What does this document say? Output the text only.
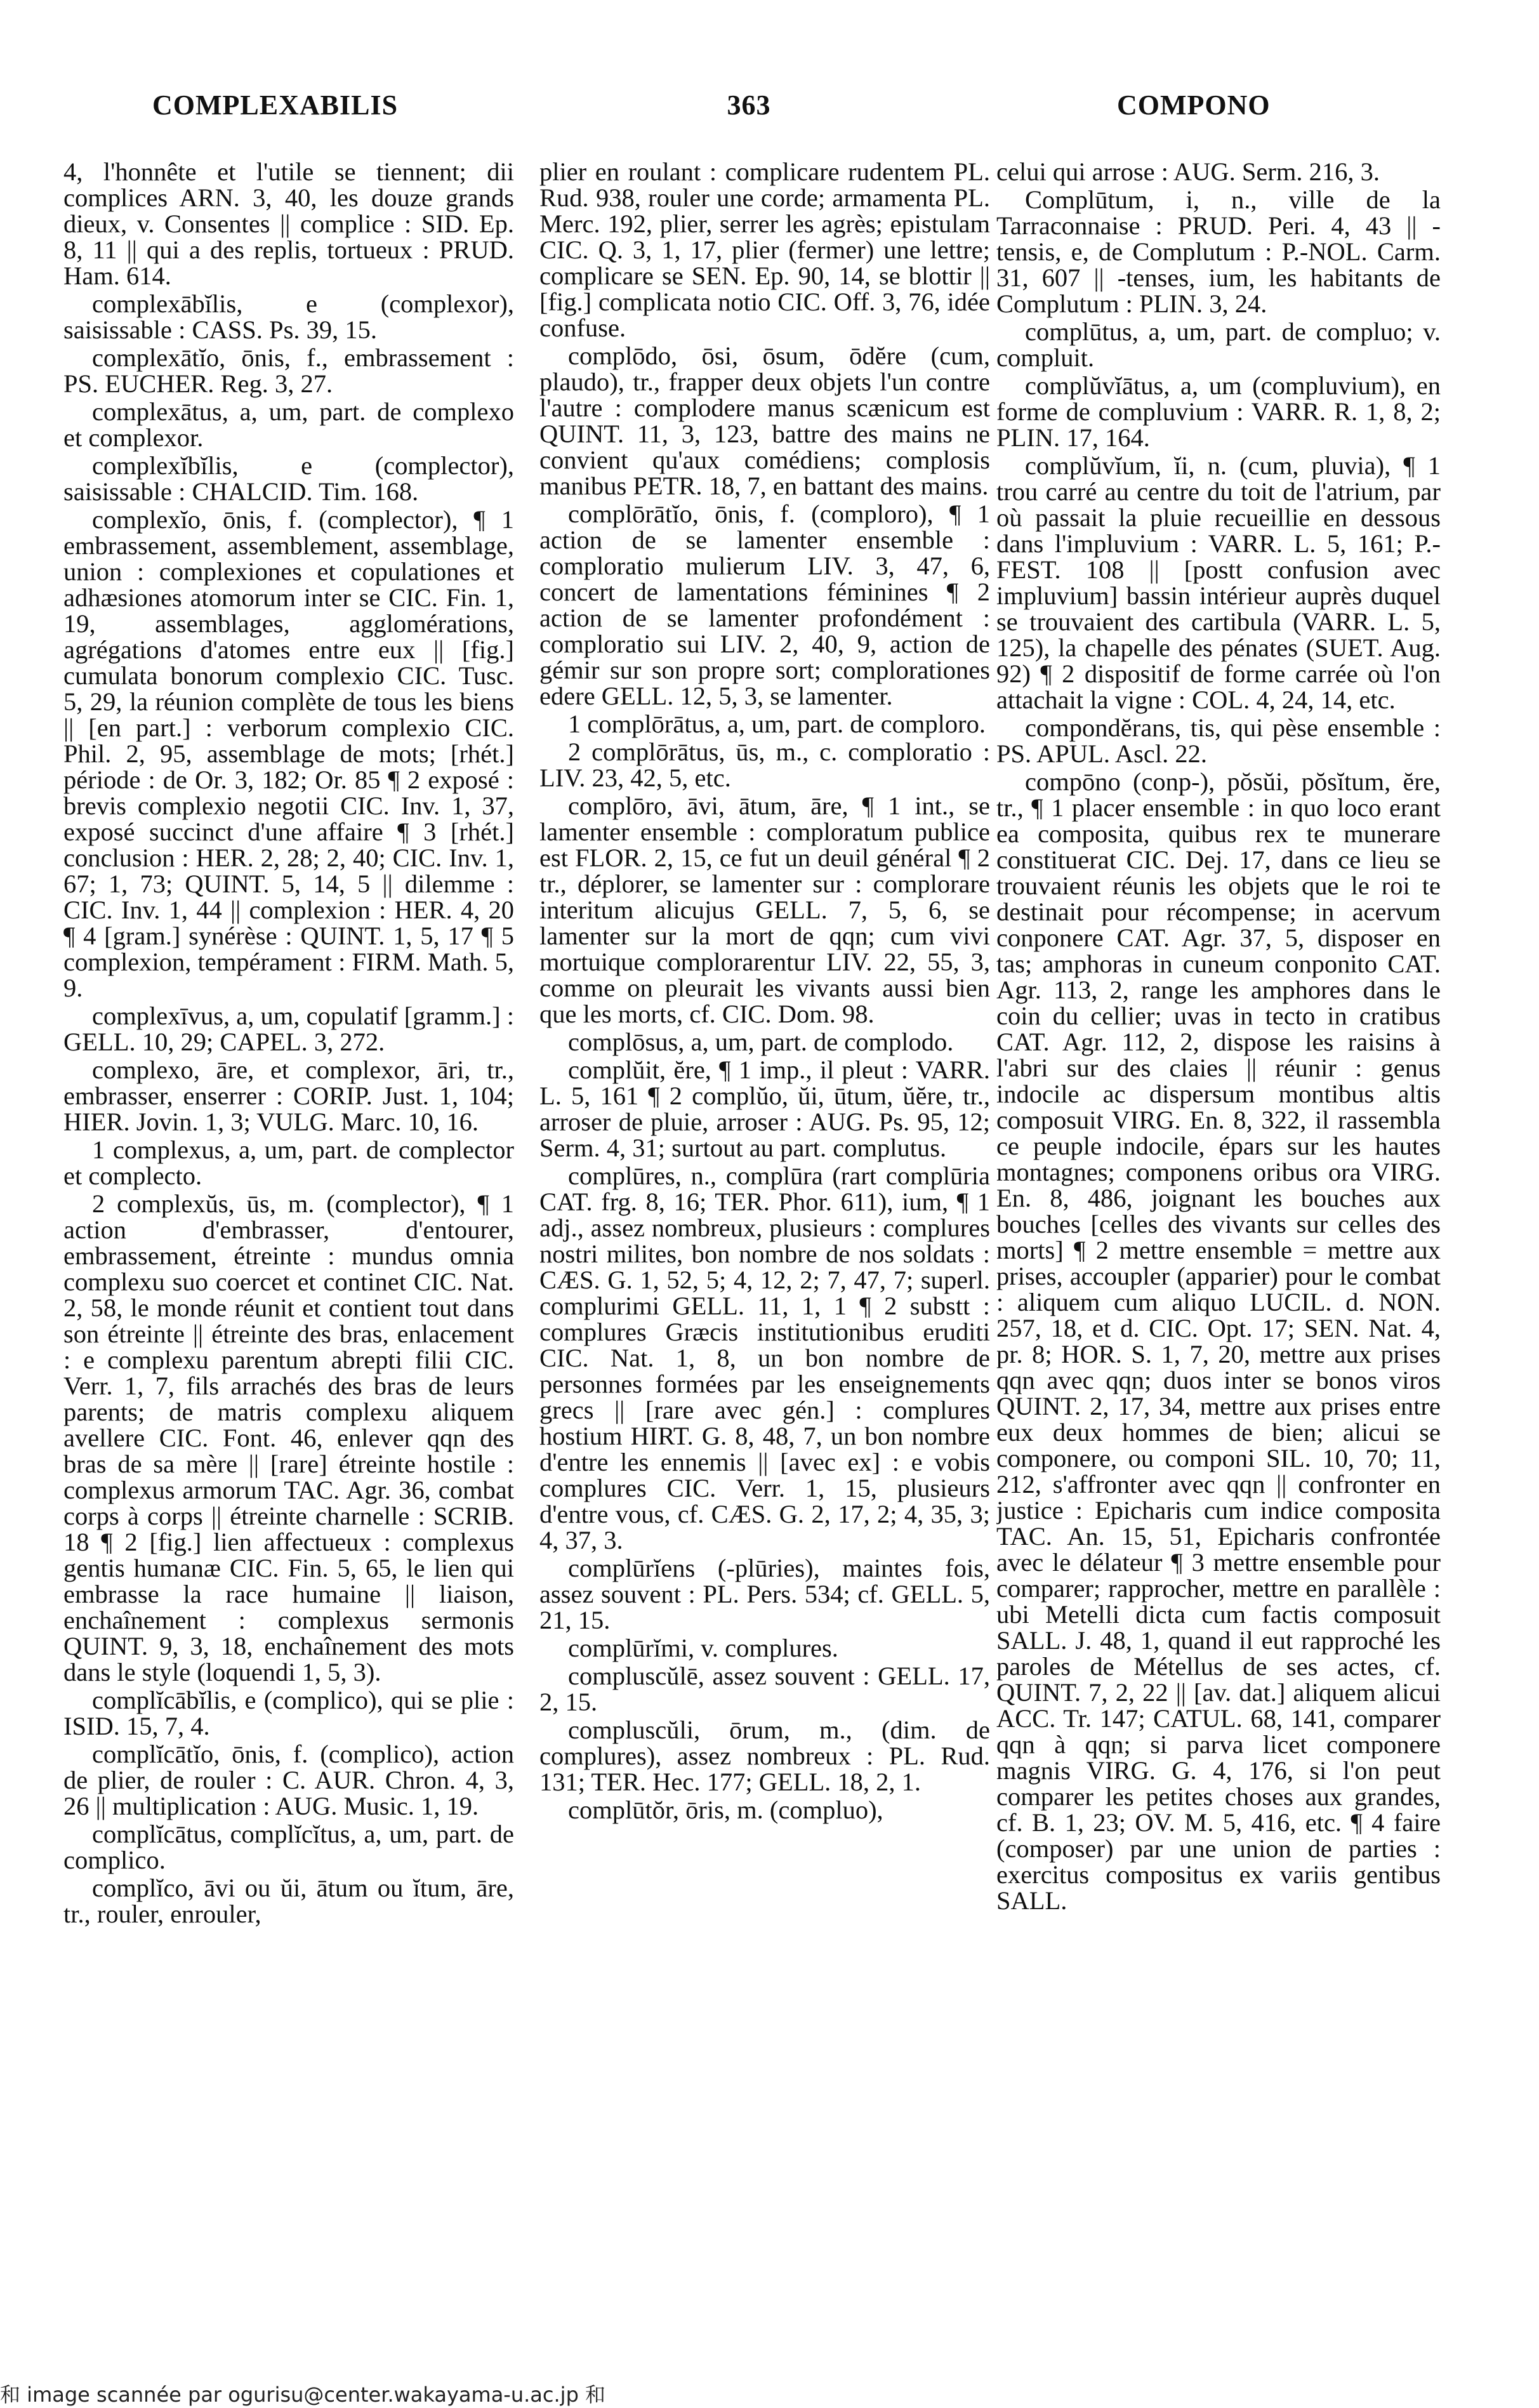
COMPLEXABILIS	363	COMPONO

4, l'honnête et l'utile se tiennent; dii complices ARN. 3, 40, les douze grands dieux, v. Consentes || complice : SID. Ep. 8, 11 || qui a des replis, tortueux : PRUD. Ham. 614.

complexābĭlis, e (complexor), saisissable : CASS. Ps. 39, 15.

complexātĭo, ōnis, f., embrassement : PS. EUCHER. Reg. 3, 27.

complexātus, a, um, part. de complexo et complexor.

complexĭbĭlis, e (complector), saisissable : CHALCID. Tim. 168.

complexĭo, ōnis, f. (complector), ¶ 1 embrassement, assemblement, assemblage, union : complexiones et copulationes et adhæsiones atomorum inter se CIC. Fin. 1, 19, assemblages, agglomérations, agrégations d'atomes entre eux || [fig.] cumulata bonorum complexio CIC. Tusc. 5, 29, la réunion complète de tous les biens || [en part.] : verborum complexio CIC. Phil. 2, 95, assemblage de mots; [rhét.] période : de Or. 3, 182; Or. 85 ¶ 2 exposé : brevis complexio negotii CIC. Inv. 1, 37, exposé succinct d'une affaire ¶ 3 [rhét.] conclusion : HER. 2, 28; 2, 40; CIC. Inv. 1, 67; 1, 73; QUINT. 5, 14, 5 || dilemme : CIC. Inv. 1, 44 || complexion : HER. 4, 20 ¶ 4 [gram.] synérèse : QUINT. 1, 5, 17 ¶ 5 complexion, tempérament : FIRM. Math. 5, 9.

complexīvus, a, um, copulatif [gramm.] : GELL. 10, 29; CAPEL. 3, 272.

complexo, āre, et complexor, āri, tr., embrasser, enserrer : CORIP. Just. 1, 104; HIER. Jovin. 1, 3; VULG. Marc. 10, 16.

1 complexus, a, um, part. de complector et complecto.

2 complexŭs, ūs, m. (complector), ¶ 1 action d'embrasser, d'entourer, embrassement, étreinte : mundus omnia complexu suo coercet et continet CIC. Nat. 2, 58, le monde réunit et contient tout dans son étreinte || étreinte des bras, enlacement : e complexu parentum abrepti filii CIC. Verr. 1, 7, fils arrachés des bras de leurs parents; de matris complexu aliquem avellere CIC. Font. 46, enlever qqn des bras de sa mère || [rare] étreinte hostile : complexus armorum TAC. Agr. 36, combat corps à corps || étreinte charnelle : SCRIB. 18 ¶ 2 [fig.] lien affectueux : complexus gentis humanæ CIC. Fin. 5, 65, le lien qui embrasse la race humaine || liaison, enchaînement : complexus sermonis QUINT. 9, 3, 18, enchaînement des mots dans le style (loquendi 1, 5, 3).

complĭcābĭlis, e (complico), qui se plie : ISID. 15, 7, 4.

complĭcātĭo, ōnis, f. (complico), action de plier, de rouler : C. AUR. Chron. 4, 3, 26 || multiplication : AUG. Music. 1, 19.

complĭcātus, complĭcĭtus, a, um, part. de complico.

complĭco, āvi ou ŭi, ātum ou ĭtum, āre, tr., rouler, enrouler,

plier en roulant : complicare rudentem PL. Rud. 938, rouler une corde; armamenta PL. Merc. 192, plier, serrer les agrès; epistulam CIC. Q. 3, 1, 17, plier (fermer) une lettre; complicare se SEN. Ep. 90, 14, se blottir || [fig.] complicata notio CIC. Off. 3, 76, idée confuse.

complōdo, ōsi, ōsum, ōdĕre (cum, plaudo), tr., frapper deux objets l'un contre l'autre : complodere manus scænicum est QUINT. 11, 3, 123, battre des mains ne convient qu'aux comédiens; complosis manibus PETR. 18, 7, en battant des mains.

complōrātĭo, ōnis, f. (comploro), ¶ 1 action de se lamenter ensemble : comploratio mulierum LIV. 3, 47, 6, concert de lamentations féminines ¶ 2 action de se lamenter profondément : comploratio sui LIV. 2, 40, 9, action de gémir sur son propre sort; complorationes edere GELL. 12, 5, 3, se lamenter.

1 complōrātus, a, um, part. de comploro.

2 complōrātus, ūs, m., c. comploratio : LIV. 23, 42, 5, etc.

complōro, āvi, ātum, āre, ¶ 1 int., se lamenter ensemble : comploratum publice est FLOR. 2, 15, ce fut un deuil général ¶ 2 tr., déplorer, se lamenter sur : complorare interitum alicujus GELL. 7, 5, 6, se lamenter sur la mort de qqn; cum vivi mortuique complorarentur LIV. 22, 55, 3, comme on pleurait les vivants aussi bien que les morts, cf. CIC. Dom. 98.

complōsus, a, um, part. de complodo.

complŭit, ĕre, ¶ 1 imp., il pleut : VARR. L. 5, 161 ¶ 2 complŭo, ŭi, ūtum, ŭĕre, tr., arroser de pluie, arroser : AUG. Ps. 95, 12; Serm. 4, 31; surtout au part. complutus.

complūres, n., complūra (rart complūria CAT. frg. 8, 16; TER. Phor. 611), ium, ¶ 1 adj., assez nombreux, plusieurs : complures nostri milites, bon nombre de nos soldats : CÆS. G. 1, 52, 5; 4, 12, 2; 7, 47, 7; superl. complurimi GELL. 11, 1, 1 ¶ 2 substt : complures Græcis institutionibus eruditi CIC. Nat. 1, 8, un bon nombre de personnes formées par les enseignements grecs || [rare avec gén.] : complures hostium HIRT. G. 8, 48, 7, un bon nombre d'entre les ennemis || [avec ex] : e vobis complures CIC. Verr. 1, 15, plusieurs d'entre vous, cf. CÆS. G. 2, 17, 2; 4, 35, 3; 4, 37, 3.

complūrĭens (-plūries), maintes fois, assez souvent : PL. Pers. 534; cf. GELL. 5, 21, 15.

complūrĭmi, v. complures.

compluscŭlē, assez souvent : GELL. 17, 2, 15.

compluscŭli, ōrum, m., (dim. de complures), assez nombreux : PL. Rud. 131; TER. Hec. 177; GELL. 18, 2, 1.

complūtŏr, ōris, m. (compluo),

celui qui arrose : AUG. Serm. 216, 3.

Complūtum, i, n., ville de la Tarraconnaise : PRUD. Peri. 4, 43 || -tensis, e, de Complutum : P.-NOL. Carm. 31, 607 || -tenses, ium, les habitants de Complutum : PLIN. 3, 24.

complūtus, a, um, part. de compluo; v. compluit.

complŭvĭātus, a, um (compluvium), en forme de compluvium : VARR. R. 1, 8, 2; PLIN. 17, 164.

complŭvĭum, ĭi, n. (cum, pluvia), ¶ 1 trou carré au centre du toit de l'atrium, par où passait la pluie recueillie en dessous dans l'impluvium : VARR. L. 5, 161; P.-FEST. 108 || [postt confusion avec impluvium] bassin intérieur auprès duquel se trouvaient des cartibula (VARR. L. 5, 125), la chapelle des pénates (SUET. Aug. 92) ¶ 2 dispositif de forme carrée où l'on attachait la vigne : COL. 4, 24, 14, etc.

compondĕrans, tis, qui pèse ensemble : PS. APUL. Ascl. 22.

compōno (conp-), pŏsŭi, pŏsĭtum, ĕre, tr., ¶ 1 placer ensemble : in quo loco erant ea composita, quibus rex te munerare constituerat CIC. Dej. 17, dans ce lieu se trouvaient réunis les objets que le roi te destinait pour récompense; in acervum conponere CAT. Agr. 37, 5, disposer en tas; amphoras in cuneum conponito CAT. Agr. 113, 2, range les amphores dans le coin du cellier; uvas in tecto in cratibus CAT. Agr. 112, 2, dispose les raisins à l'abri sur des claies || réunir : genus indocile ac dispersum montibus altis composuit VIRG. En. 8, 322, il rassembla ce peuple indocile, épars sur les hautes montagnes; componens oribus ora VIRG. En. 8, 486, joignant les bouches aux bouches [celles des vivants sur celles des morts] ¶ 2 mettre ensemble = mettre aux prises, accoupler (apparier) pour le combat : aliquem cum aliquo LUCIL. d. NON. 257, 18, et d. CIC. Opt. 17; SEN. Nat. 4, pr. 8; HOR. S. 1, 7, 20, mettre aux prises qqn avec qqn; duos inter se bonos viros QUINT. 2, 17, 34, mettre aux prises entre eux deux hommes de bien; alicui se componere, ou componi SIL. 10, 70; 11, 212, s'affronter avec qqn || confronter en justice : Epicharis cum indice composita TAC. An. 15, 51, Epicharis confrontée avec le délateur ¶ 3 mettre ensemble pour comparer; rapprocher, mettre en parallèle : ubi Metelli dicta cum factis composuit SALL. J. 48, 1, quand il eut rapproché les paroles de Métellus de ses actes, cf. QUINT. 7, 2, 22 || [av. dat.] aliquem alicui ACC. Tr. 147; CATUL. 68, 141, comparer qqn à qqn; si parva licet componere magnis VIRG. G. 4, 176, si l'on peut comparer les petites choses aux grandes, cf. B. 1, 23; OV. M. 5, 416, etc. ¶ 4 faire (composer) par une union de parties : exercitus compositus ex variis gentibus SALL.

和 image scannée par ogurisu@center.wakayama-u.ac.jp 和
